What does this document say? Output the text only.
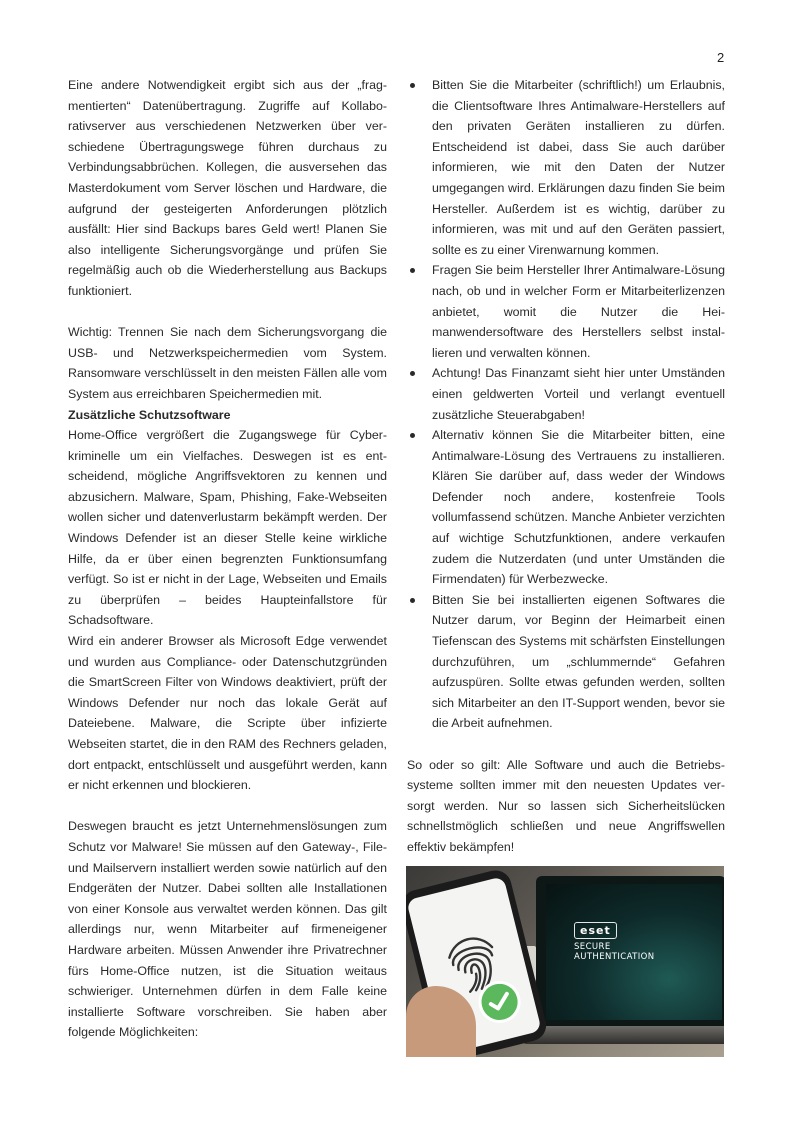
2

Eine andere Notwendigkeit ergibt sich aus der „fragmentierten“ Datenübertragung. Zugriffe auf Kollaborativserver aus verschiedenen Netzwerken über verschiedene Übertragungswege führen durchaus zu Verbindungsabbrüchen. Kollegen, die ausversehen das Masterdokument vom Server löschen und Hardware, die aufgrund der gesteigerten Anforderungen plötzlich ausfällt: Hier sind Backups bares Geld wert! Planen Sie also intelligente Sicherungsvorgänge und prüfen Sie regelmäßig auch ob die Wiederherstellung aus Backups funktioniert.

Wichtig: Trennen Sie nach dem Sicherungsvorgang die USB- und Netzwerkspeichermedien vom System. Ransomware verschlüsselt in den meisten Fällen alle vom System aus erreichbaren Speichermedien mit.

Zusätzliche Schutzsoftware

Home-Office vergrößert die Zugangswege für Cyberkriminelle um ein Vielfaches. Deswegen ist es entscheidend, mögliche Angriffsvektoren zu kennen und abzusichern. Malware, Spam, Phishing, Fake-Webseiten wollen sicher und datenverlustarm bekämpft werden. Der Windows Defender ist an dieser Stelle keine wirkliche Hilfe, da er über einen begrenzten Funktionsumfang verfügt. So ist er nicht in der Lage, Webseiten und Emails zu überprüfen – beides Haupteinfallstore für Schadsoftware.

Wird ein anderer Browser als Microsoft Edge verwendet und wurden aus Compliance- oder Datenschutzgründen die SmartScreen Filter von Windows deaktiviert, prüft der Windows Defender nur noch das lokale Gerät auf Dateiebene. Malware, die Scripte über infizierte Webseiten startet, die in den RAM des Rechners geladen, dort entpackt, entschlüsselt und ausgeführt werden, kann er nicht erkennen und blockieren.

Deswegen braucht es jetzt Unternehmenslösungen zum Schutz vor Malware! Sie müssen auf den Gateway-, File- und Mailservern installiert werden sowie natürlich auf den Endgeräten der Nutzer. Dabei sollten alle Installationen von einer Konsole aus verwaltet werden können. Das gilt allerdings nur, wenn Mitarbeiter auf firmeneigener Hardware arbeiten. Müssen Anwender ihre Privatrechner fürs Home-Office nutzen, ist die Situation weitaus schwieriger. Unternehmen dürfen in dem Falle keine installierte Software vorschreiben. Sie haben aber folgende Möglichkeiten:

Bitten Sie die Mitarbeiter (schriftlich!) um Erlaubnis, die Clientsoftware Ihres Antimalware-Herstellers auf den privaten Geräten installieren zu dürfen. Entscheidend ist dabei, dass Sie auch darüber informieren, wie mit den Daten der Nutzer umgegangen wird. Erklärungen dazu finden Sie beim Hersteller. Außerdem ist es wichtig, darüber zu informieren, was mit und auf den Geräten passiert, sollte es zu einer Virenwarnung kommen.
Fragen Sie beim Hersteller Ihrer Antimalware-Lösung nach, ob und in welcher Form er Mitarbeiterlizenzen anbietet, womit die Nutzer die Heimanwendersoftware des Herstellers selbst installieren und verwalten können.
Achtung! Das Finanzamt sieht hier unter Umständen einen geldwerten Vorteil und verlangt eventuell zusätzliche Steuerabgaben!
Alternativ können Sie die Mitarbeiter bitten, eine Antimalware-Lösung des Vertrauens zu installieren. Klären Sie darüber auf, dass weder der Windows Defender noch andere, kostenfreie Tools vollumfassend schützen. Manche Anbieter verzichten auf wichtige Schutzfunktionen, andere verkaufen zudem die Nutzerdaten (und unter Umständen die Firmendaten) für Werbezwecke.
Bitten Sie bei installierten eigenen Softwares die Nutzer darum, vor Beginn der Heimarbeit einen Tiefenscan des Systems mit schärfsten Einstellungen durchzuführen, um „schlummernde“ Gefahren aufzuspüren. Sollte etwas gefunden werden, sollten sich Mitarbeiter an den IT-Support wenden, bevor sie die Arbeit aufnehmen.

So oder so gilt: Alle Software und auch die Betriebssysteme sollten immer mit den neuesten Updates versorgt werden. Nur so lassen sich Sicherheitslücken schnellstmöglich schließen und neue Angriffswellen effektiv bekämpfen!

eset
SECURE
AUTHENTICATION
